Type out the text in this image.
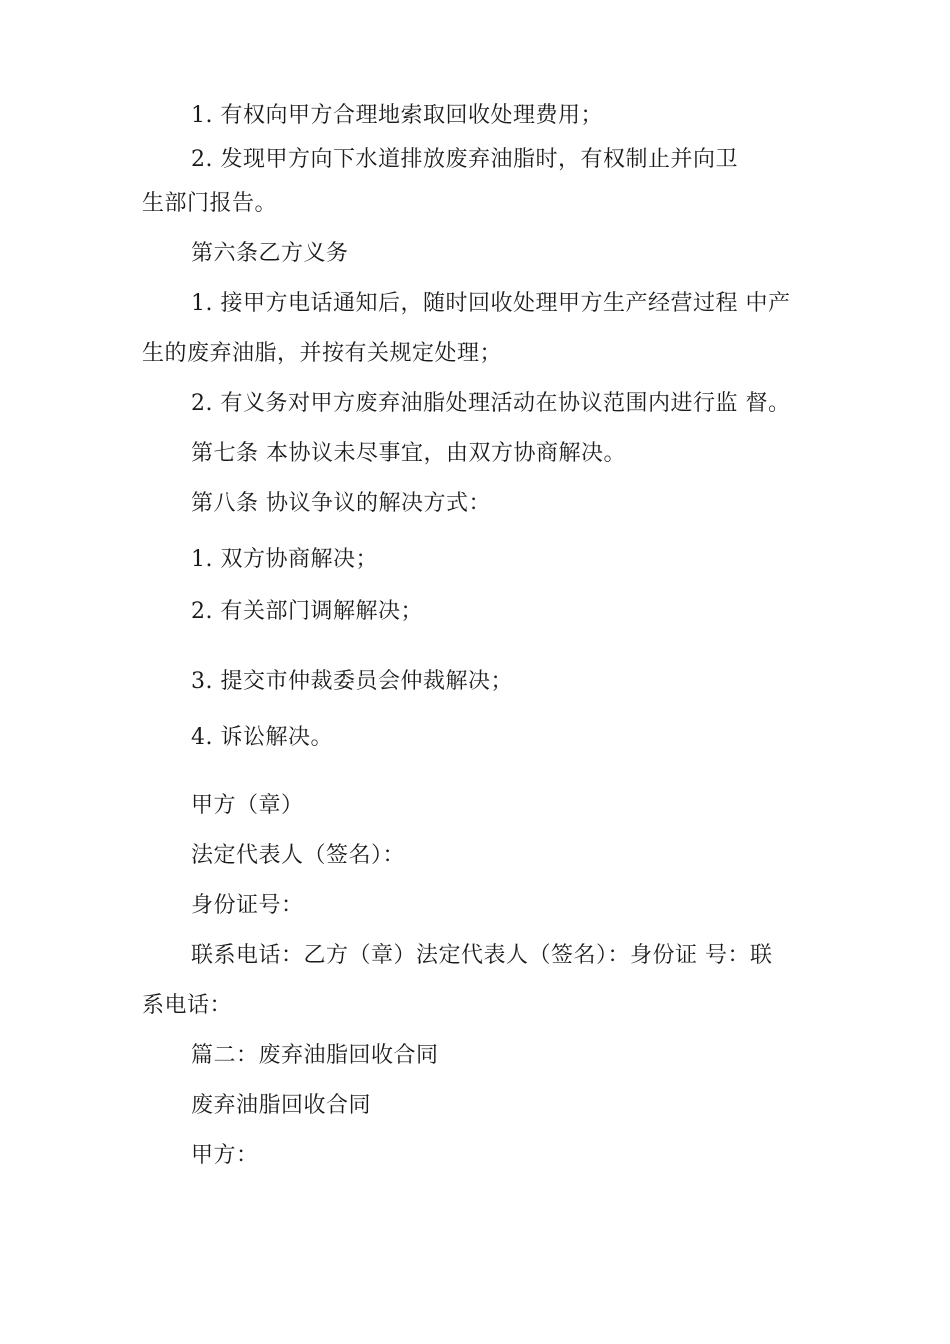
1. 有权向甲方合理地索取回收处理费用；
2. 发现甲方向下水道排放废弃油脂时，有权制止并向卫
生部门报告。
第六条乙方义务
1. 接甲方电话通知后，随时回收处理甲方生产经营过程 中产
生的废弃油脂，并按有关规定处理；
2. 有义务对甲方废弃油脂处理活动在协议范围内进行监 督。
第七条 本协议未尽事宜，由双方协商解决。
第八条 协议争议的解决方式：
1. 双方协商解决；
2. 有关部门调解解决；
3. 提交市仲裁委员会仲裁解决；
4. 诉讼解决。
甲方（章）
法定代表人（签名）：
身份证号：
联系电话：乙方（章）法定代表人（签名）：身份证 号：联
系电话：
篇二：废弃油脂回收合同
废弃油脂回收合同
甲方：
